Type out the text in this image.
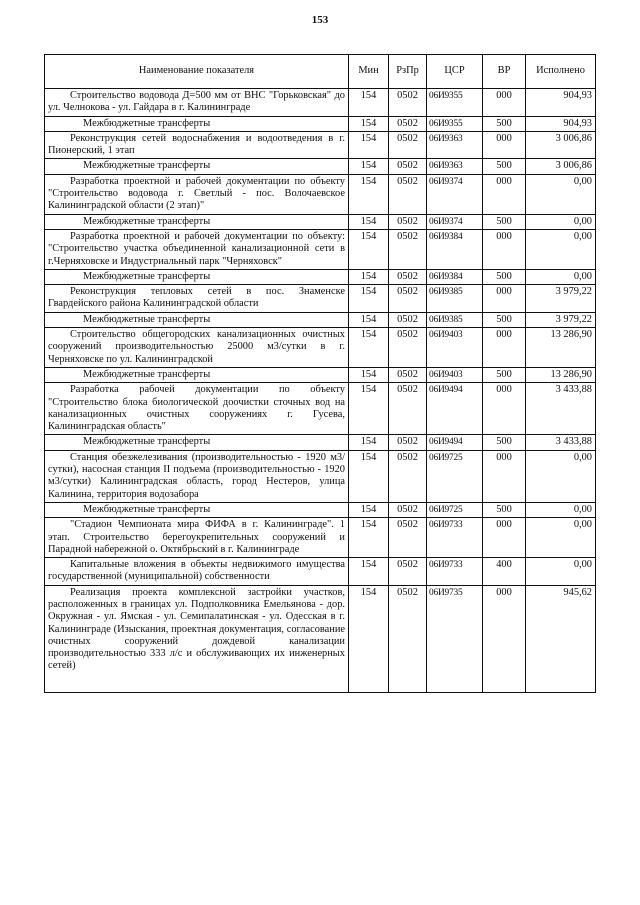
153
Наименование показателя	Мин	РзПр	ЦСР	ВР	Исполнено
Строительство водовода Д=500 мм от ВНС "Горьковская" до ул. Челнокова - ул. Гайдара в г. Калининграде	154	0502	06И9355	000	904,93
Межбюджетные трансферты	154	0502	06И9355	500	904,93
Реконструкция сетей водоснабжения и водоотведения в г. Пионерский, 1 этап	154	0502	06И9363	000	3 006,86
Межбюджетные трансферты	154	0502	06И9363	500	3 006,86
Разработка проектной и рабочей документации по объекту "Строительство водовода г. Светлый - пос. Волочаевское Калининградской области (2 этап)"	154	0502	06И9374	000	0,00
Межбюджетные трансферты	154	0502	06И9374	500	0,00
Разработка проектной и рабочей документации по объекту: "Строительство участка объединенной канализационной сети в г.Черняховске и Индустриальный парк "Черняховск"	154	0502	06И9384	000	0,00
Межбюджетные трансферты	154	0502	06И9384	500	0,00
Реконструкция тепловых сетей в пос. Знаменске Гвардейского района Калининградской области	154	0502	06И9385	000	3 979,22
Межбюджетные трансферты	154	0502	06И9385	500	3 979,22
Строительство общегородских канализационных очистных сооружений производительностью 25000 м3/сутки в г. Черняховске по ул. Калининградской	154	0502	06И9403	000	13 286,90
Межбюджетные трансферты	154	0502	06И9403	500	13 286,90
Разработка рабочей документации по объекту "Строительство блока биологической доочистки сточных вод на канализационных очистных сооружениях г. Гусева, Калининградская область"	154	0502	06И9494	000	3 433,88
Межбюджетные трансферты	154	0502	06И9494	500	3 433,88
Станция обезжелезивания (производительностью - 1920 м3/сутки), насосная станция II подъема (производительностью - 1920 м3/сутки) Калининградская область, город Нестеров, улица Калинина, территория водозабора	154	0502	06И9725	000	0,00
Межбюджетные трансферты	154	0502	06И9725	500	0,00
"Стадион Чемпионата мира ФИФА в г. Калининграде". 1 этап. Строительство берегоукрепительных сооружений и Парадной набережной о. Октябрьский в г. Калининграде	154	0502	06И9733	000	0,00
Капитальные вложения в объекты недвижимого имущества государственной (муниципальной) собственности	154	0502	06И9733	400	0,00
Реализация проекта комплексной застройки участков, расположенных в границах ул. Подполковника Емельянова - дор. Окружная - ул. Ямская - ул. Семипалатинская - ул. Одесская в г. Калининграде (Изыскания, проектная документация, согласование очистных сооружений дождевой канализации производительностью 333 л/с и обслуживающих их инженерных сетей)	154	0502	06И9735	000	945,62
